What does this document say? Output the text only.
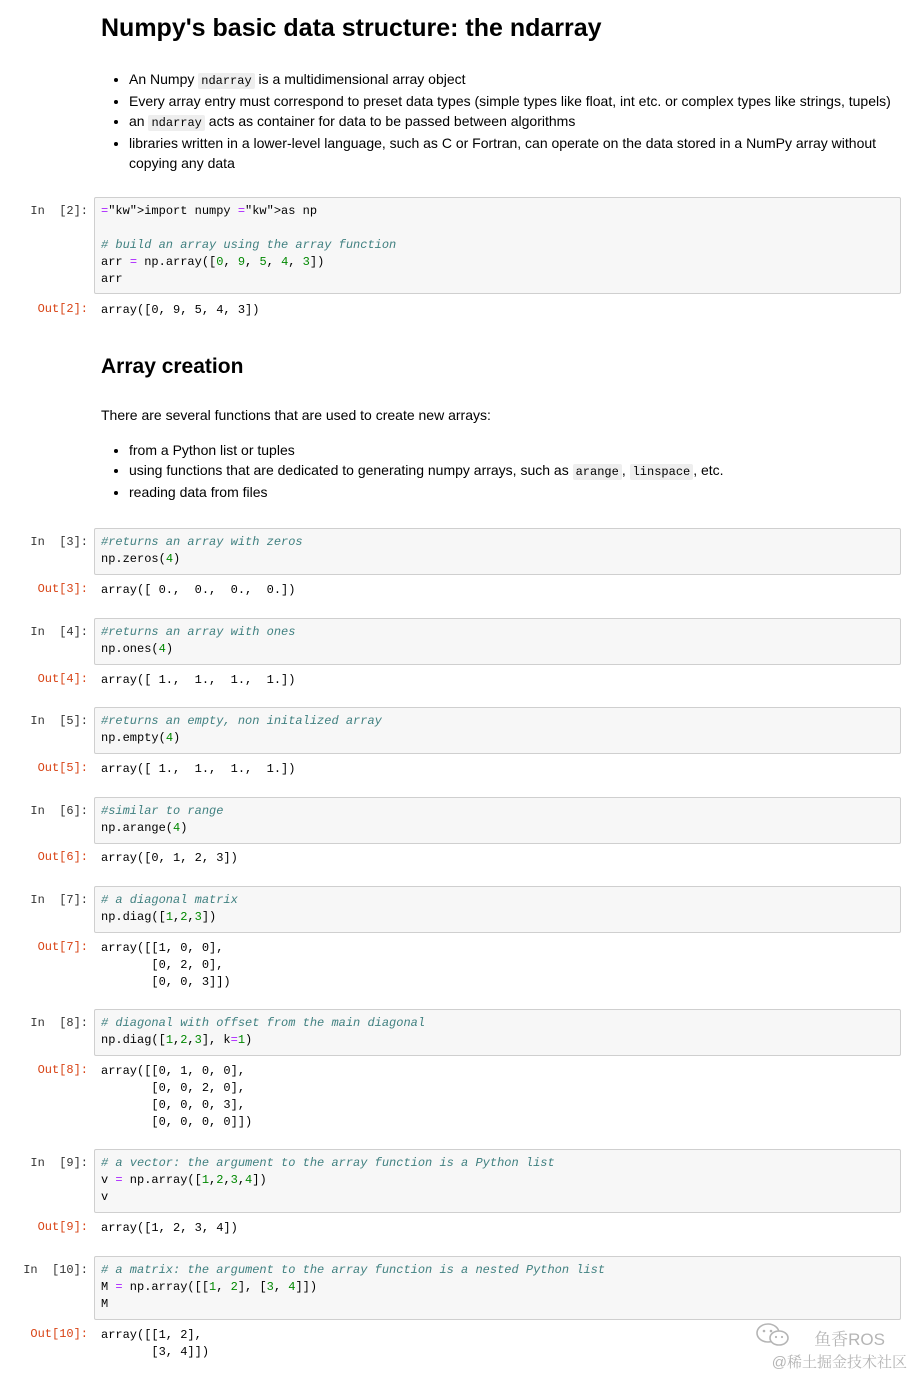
Numpy's basic data structure: the ndarray
• An Numpy ndarray is a multidimensional array object
• Every array entry must correspond to preset data types (simple types like float, int etc. or complex types like strings, tupels)
• an ndarray acts as container for data to be passed between algorithms
• libraries written in a lower-level language, such as C or Fortran, can operate on the data stored in a NumPy array without
copying any data
Array creation
There are several functions that are used to create new arrays:
• from a Python list or tuples
• using functions that are dedicated to generating numpy arrays, such as arange , linspace , etc.
• reading data from files
In  [2]: ="kw">import numpy ="kw">as np

# build an array using the array function
arr = np.array([0, 9, 5, 4, 3])
arr
Out[2]: array([0, 9, 5, 4, 3])
In  [3]: #returns an array with zeros
np.zeros(4)
Out[3]: array([ 0.,  0.,  0.,  0.])
In  [4]: #returns an array with ones
np.ones(4)
Out[4]: array([ 1.,  1.,  1.,  1.])
In  [5]: #returns an empty, non initalized array
np.empty(4)
Out[5]: array([ 1.,  1.,  1.,  1.])
In  [6]: #similar to range
np.arange(4)
Out[6]: array([0, 1, 2, 3])
In  [7]: # a diagonal matrix
np.diag([1,2,3])
Out[7]: array([[1, 0, 0],
[0, 2, 0],
[0, 0, 3]])
In  [8]: # diagonal with offset from the main diagonal
np.diag([1,2,3], k=1)
Out[8]: array([[0, 1, 0, 0],
[0, 0, 2, 0],
[0, 0, 0, 3],
[0, 0, 0, 0]])
In  [9]: # a vector: the argument to the array function is a Python list
v = np.array([1,2,3,4])
v
Out[9]: array([1, 2, 3, 4])
In  [10]: # a matrix: the argument to the array function is a nested Python list
M = np.array([[1, 2], [3, 4]])
M
Out[10]: array([[1, 2],
[3, 4]])
鱼香ROS
@稀土掘金技术社区
